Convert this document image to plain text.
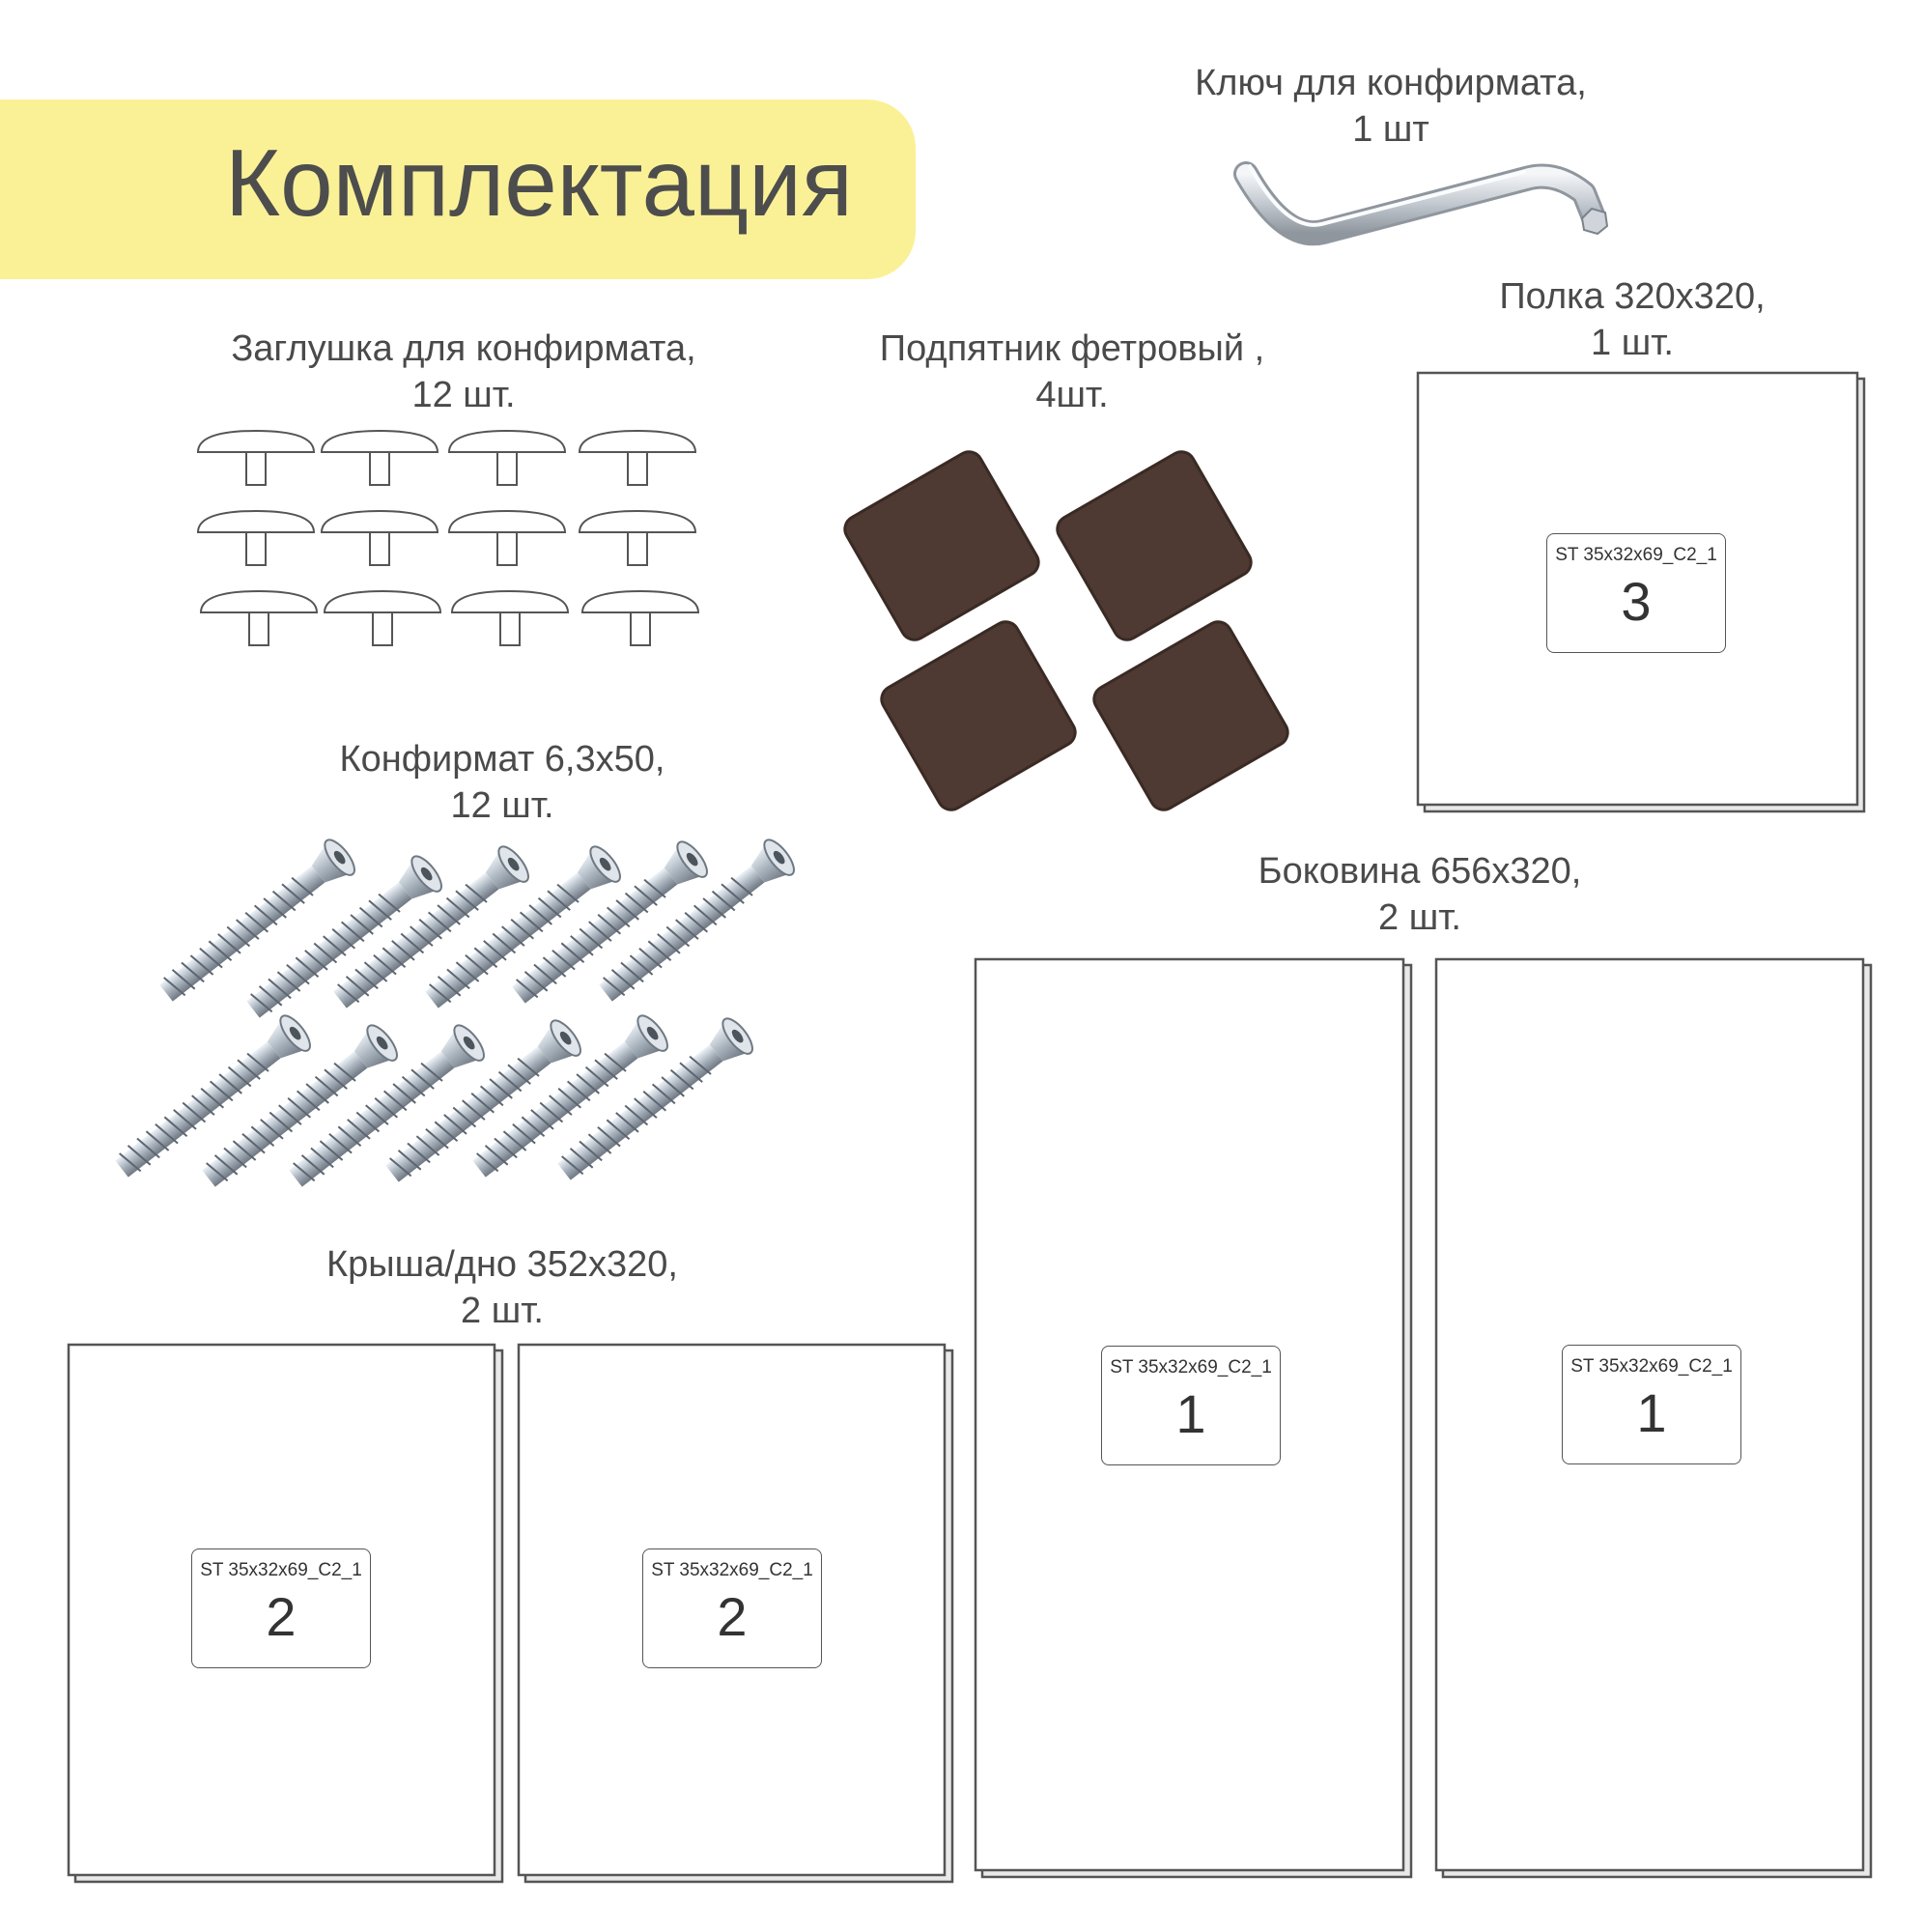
Комплектация
Ключ для конфирмата,
1 шт
Заглушка для конфирмата,
12 шт.
Подпятник фетровый ,
4шт.
Полка 320x320,
1 шт.
Конфирмат 6,3x50,
12 шт.
Боковина 656x320,
2 шт.
Крыша/дно 352x320,
2 шт.
ST 35x32x69_C2_1
3
ST 35x32x69_C2_1
2
ST 35x32x69_C2_1
2
ST 35x32x69_C2_1
1
ST 35x32x69_C2_1
1
